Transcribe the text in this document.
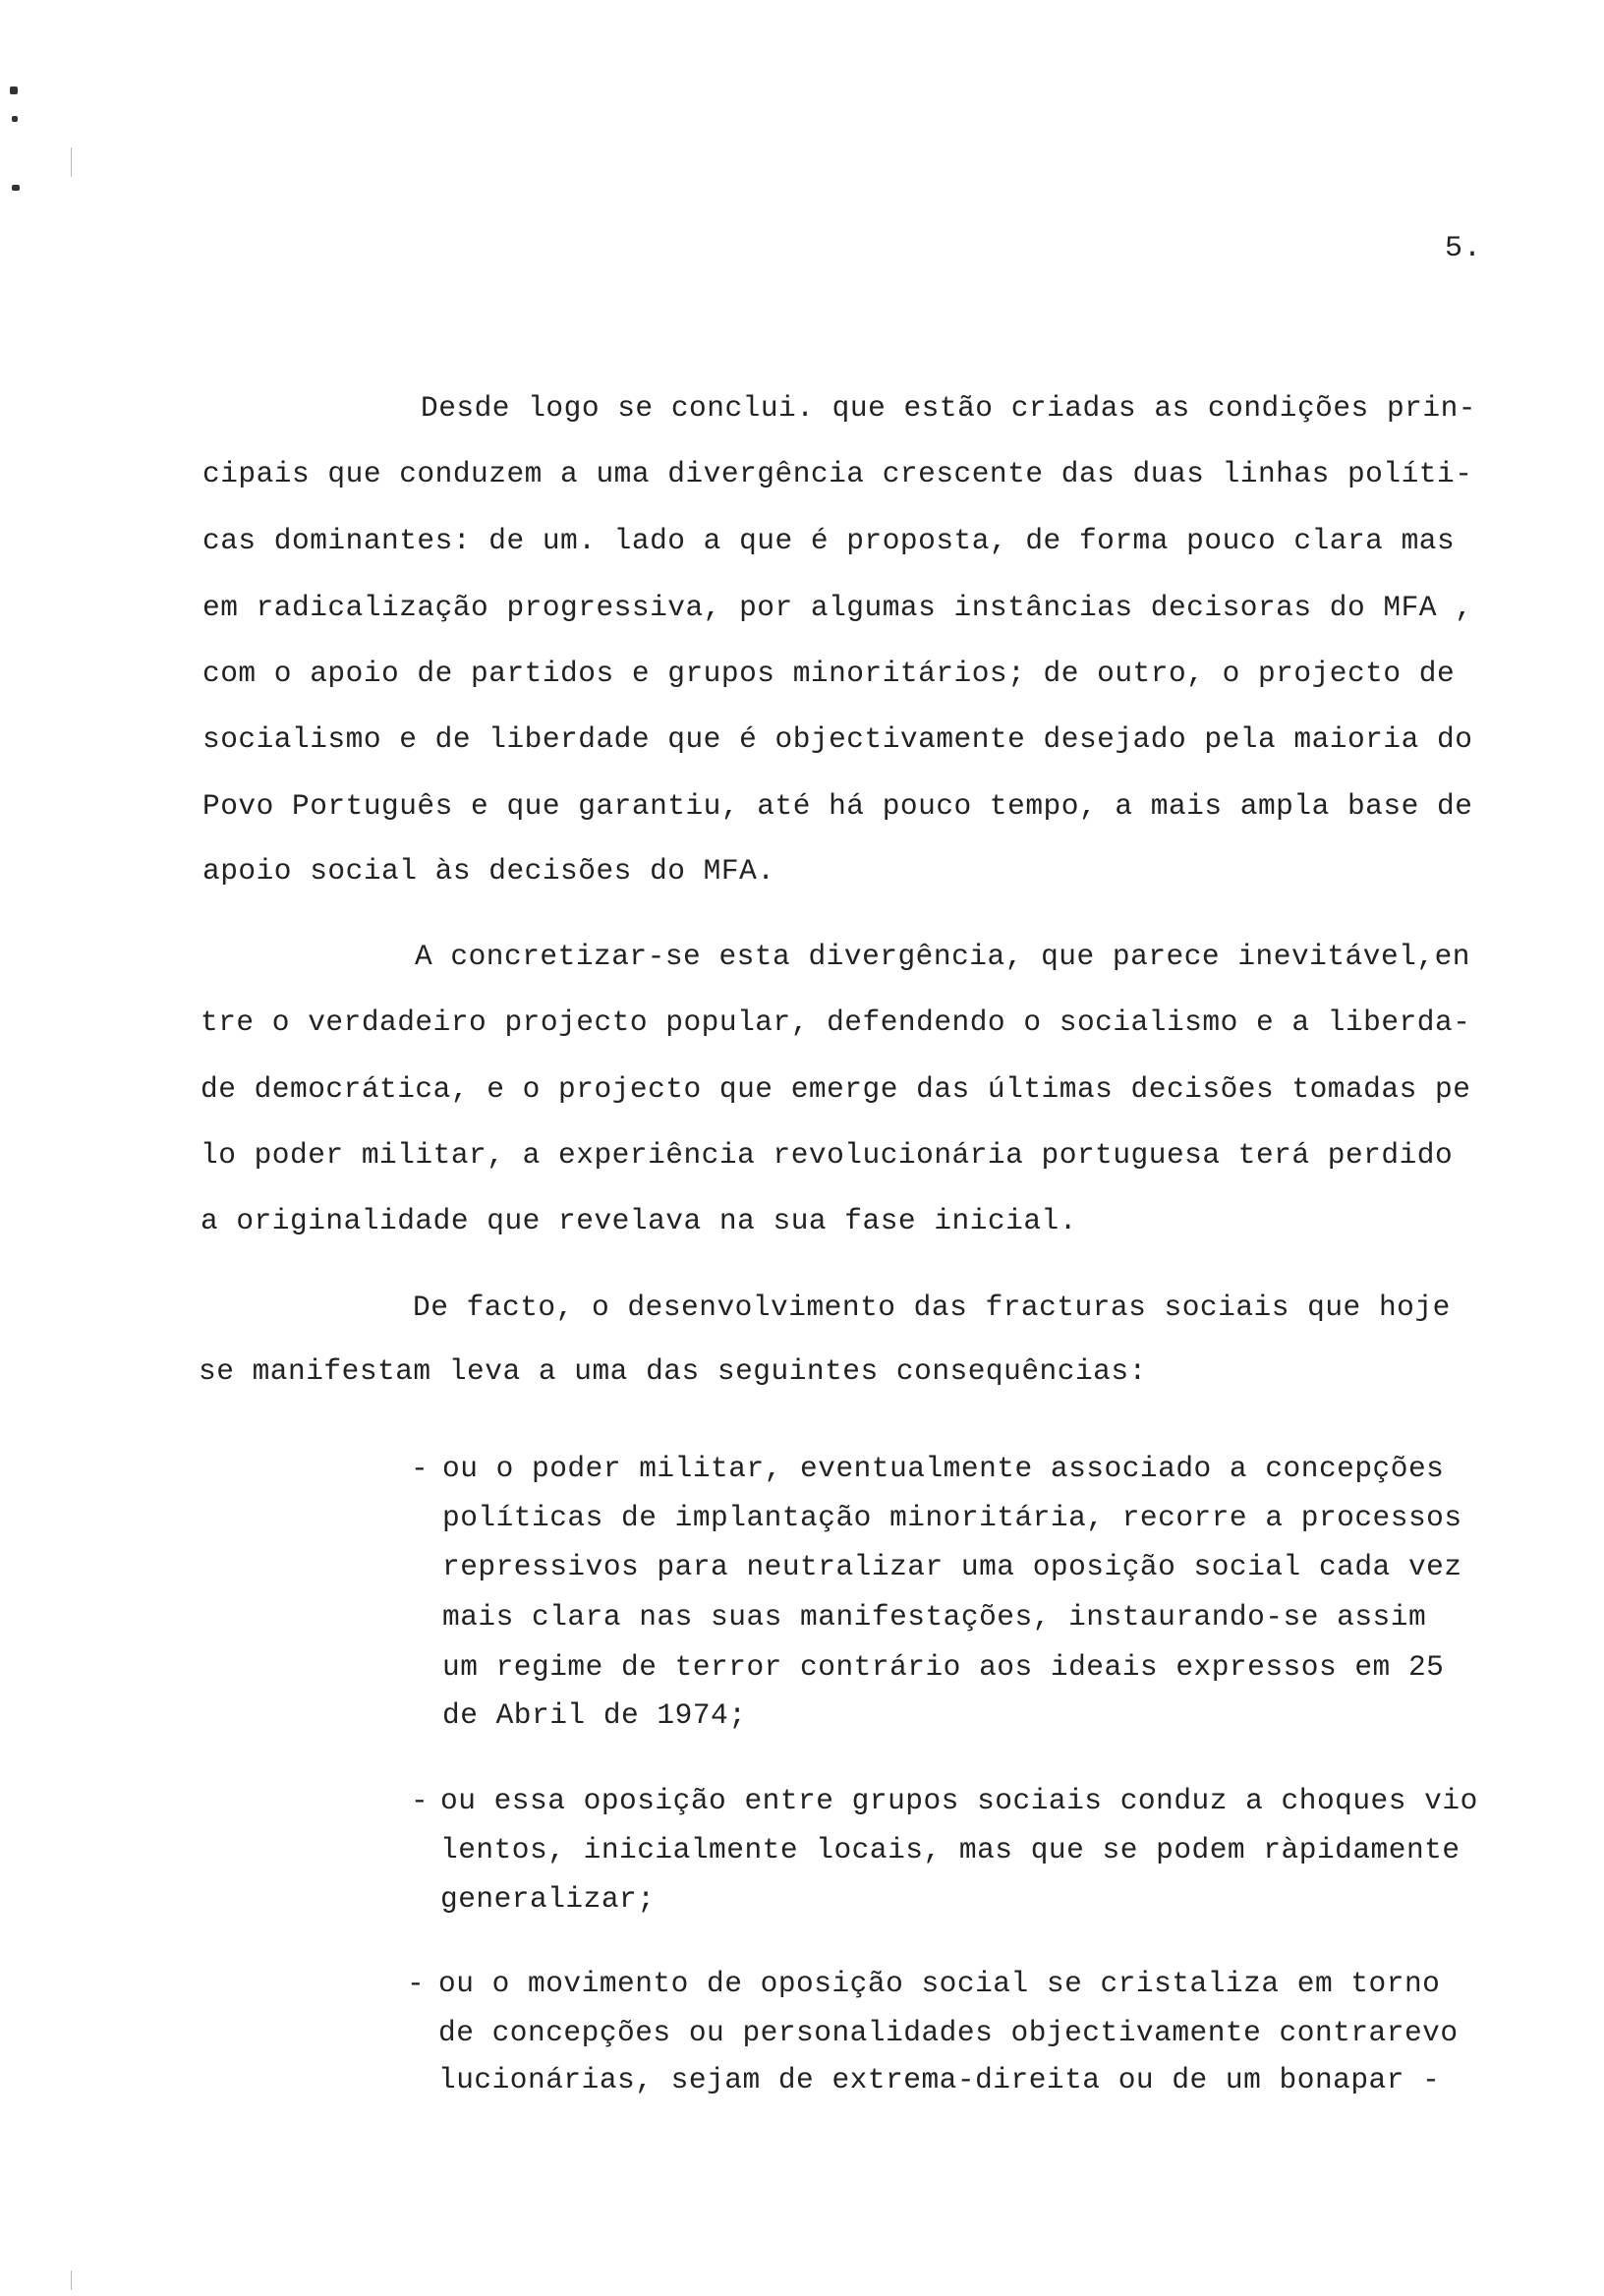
5.
Desde logo se conclui. que estão criadas as condições prin-
cipais que conduzem a uma divergência crescente das duas linhas políti-
cas dominantes: de um. lado a que é proposta, de forma pouco clara mas
em radicalização progressiva, por algumas instâncias decisoras do MFA ,
com o apoio de partidos e grupos minoritários; de outro, o projecto de
socialismo e de liberdade que é objectivamente desejado pela maioria do
Povo Português e que garantiu, até há pouco tempo, a mais ampla base de
apoio social às decisões do MFA.
A concretizar-se esta divergência, que parece inevitável,en
tre o verdadeiro projecto popular, defendendo o socialismo e a liberda-
de democrática, e o projecto que emerge das últimas decisões tomadas pe
lo poder militar, a experiência revolucionária portuguesa terá perdido
a originalidade que revelava na sua fase inicial.
De facto, o desenvolvimento das fracturas sociais que hoje
se manifestam leva a uma das seguintes consequências:
- ou o poder militar, eventualmente associado a concepções
políticas de implantação minoritária, recorre a processos
repressivos para neutralizar uma oposição social cada vez
mais clara nas suas manifestações, instaurando-se assim
um regime de terror contrário aos ideais expressos em 25
de Abril de 1974;
- ou essa oposição entre grupos sociais conduz a choques vio
lentos, inicialmente locais, mas que se podem ràpidamente
generalizar;
- ou o movimento de oposição social se cristaliza em torno
de concepções ou personalidades objectivamente contrarevo
lucionárias, sejam de extrema-direita ou de um bonapar -
